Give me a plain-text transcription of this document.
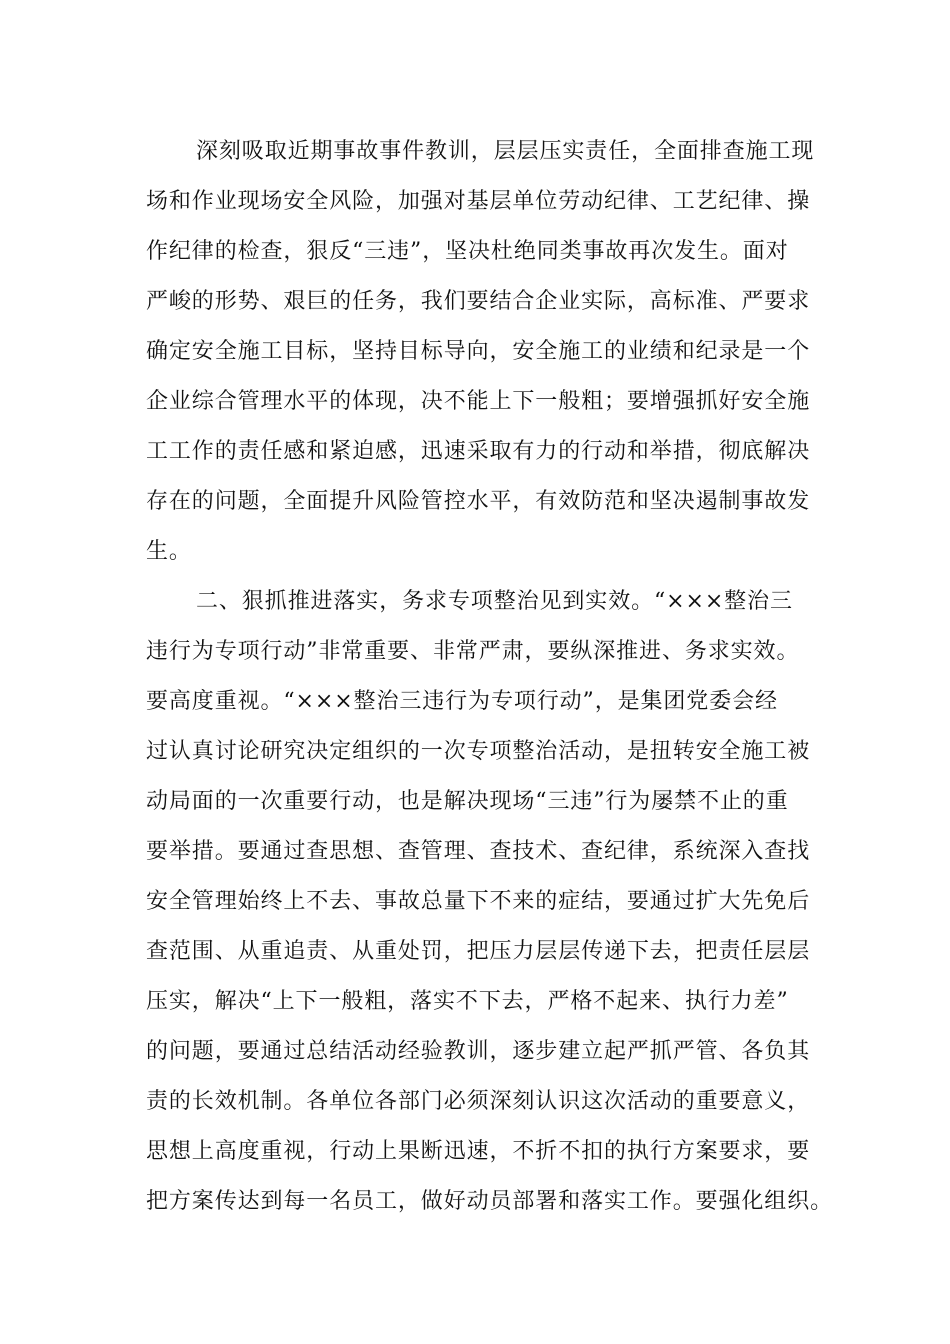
深刻吸取近期事故事件教训，层层压实责任，全面排查施工现
场和作业现场安全风险，加强对基层单位劳动纪律、工艺纪律、操
作纪律的检查，狠反“三违”，坚决杜绝同类事故再次发生。面对
严峻的形势、艰巨的任务，我们要结合企业实际，高标准、严要求
确定安全施工目标，坚持目标导向，安全施工的业绩和纪录是一个
企业综合管理水平的体现，决不能上下一般粗；要增强抓好安全施
工工作的责任感和紧迫感，迅速采取有力的行动和举措，彻底解决
存在的问题，全面提升风险管控水平，有效防范和坚决遏制事故发
生。
二、狠抓推进落实，务求专项整治见到实效。“×××整治三
违行为专项行动”非常重要、非常严肃，要纵深推进、务求实效。
要高度重视。“×××整治三违行为专项行动”，是集团党委会经
过认真讨论研究决定组织的一次专项整治活动，是扭转安全施工被
动局面的一次重要行动，也是解决现场“三违”行为屡禁不止的重
要举措。要通过查思想、查管理、查技术、查纪律，系统深入查找
安全管理始终上不去、事故总量下不来的症结，要通过扩大先免后
查范围、从重追责、从重处罚，把压力层层传递下去，把责任层层
压实，解决“上下一般粗，落实不下去，严格不起来、执行力差”
的问题，要通过总结活动经验教训，逐步建立起严抓严管、各负其
责的长效机制。各单位各部门必须深刻认识这次活动的重要意义，
思想上高度重视，行动上果断迅速，不折不扣的执行方案要求，要
把方案传达到每一名员工，做好动员部署和落实工作。要强化组织。
